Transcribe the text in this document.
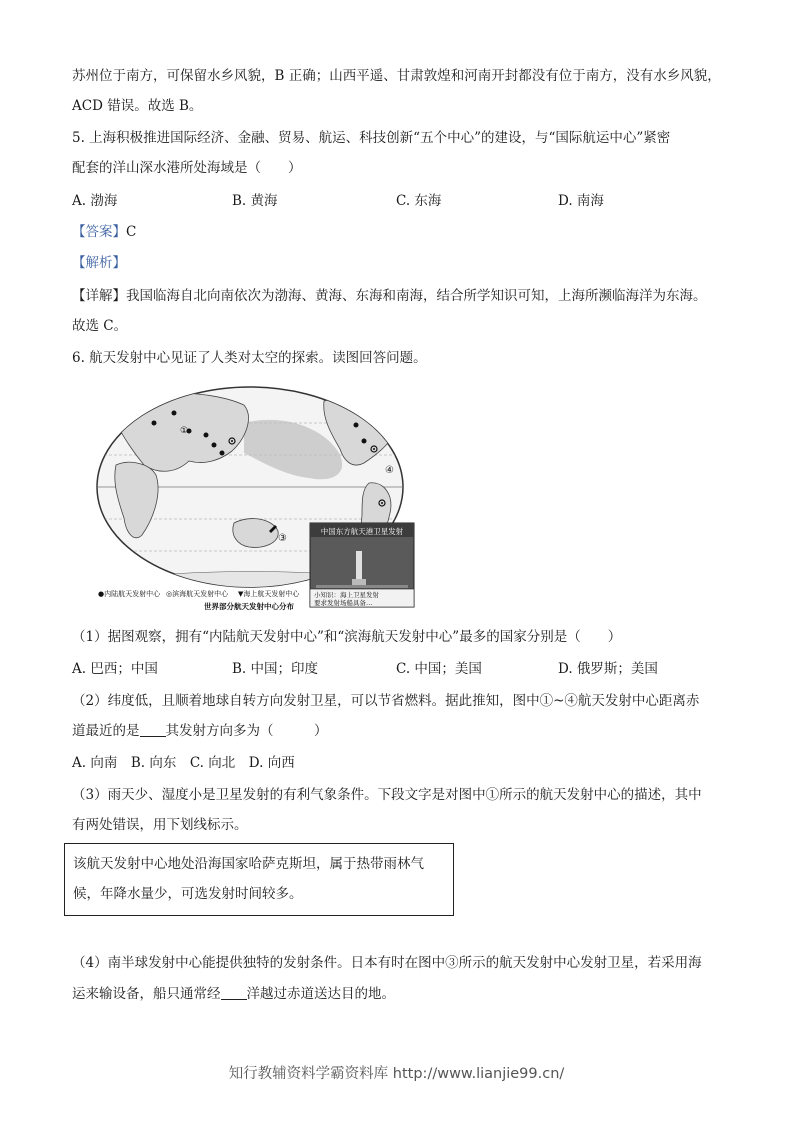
苏州位于南方，可保留水乡风貌，B 正确；山西平遥、甘肃敦煌和河南开封都没有位于南方，没有水乡风貌，
ACD 错误。故选 B。
5. 上海积极推进国际经济、金融、贸易、航运、科技创新“五个中心”的建设，与“国际航运中心”紧密
配套的洋山深水港所处海域是（　　）
A. 渤海	B. 黄海	C. 东海	D. 南海
【答案】C
【解析】
【详解】我国临海自北向南依次为渤海、黄海、东海和南海，结合所学知识可知，上海所濒临海洋为东海。
故选 C。
6. 航天发射中心见证了人类对太空的探索。读图回答问题。
①
④
③
中国东方航天港卫星发射
小知识：海上卫星发射
要求发射场船具备…
●内陆航天发射中心 ◎滨海航天发射中心 ▼海上航天发射中心
世界部分航天发射中心分布
（1）据图观察，拥有“内陆航天发射中心”和“滨海航天发射中心”最多的国家分别是（　　）
A. 巴西；中国	B. 中国；印度	C. 中国；美国	D. 俄罗斯；美国
（2）纬度低，且顺着地球自转方向发射卫星，可以节省燃料。据此推知，图中①~④航天发射中心距离赤
道最近的是 其发射方向多为（　　　）
A. 向南　B. 向东　C. 向北　D. 向西
（3）雨天少、湿度小是卫星发射的有利气象条件。下段文字是对图中①所示的航天发射中心的描述，其中
有两处错误，用下划线标示。
该航天发射中心地处沿海国家哈萨克斯坦，属于热带雨林气
候，年降水量少，可选发射时间较多。
（4）南半球发射中心能提供独特的发射条件。日本有时在图中③所示的航天发射中心发射卫星，若采用海
运来输设备，船只通常经 洋越过赤道送达目的地。
知行教辅资料学霸资料库 http://www.lianjie99.cn/
